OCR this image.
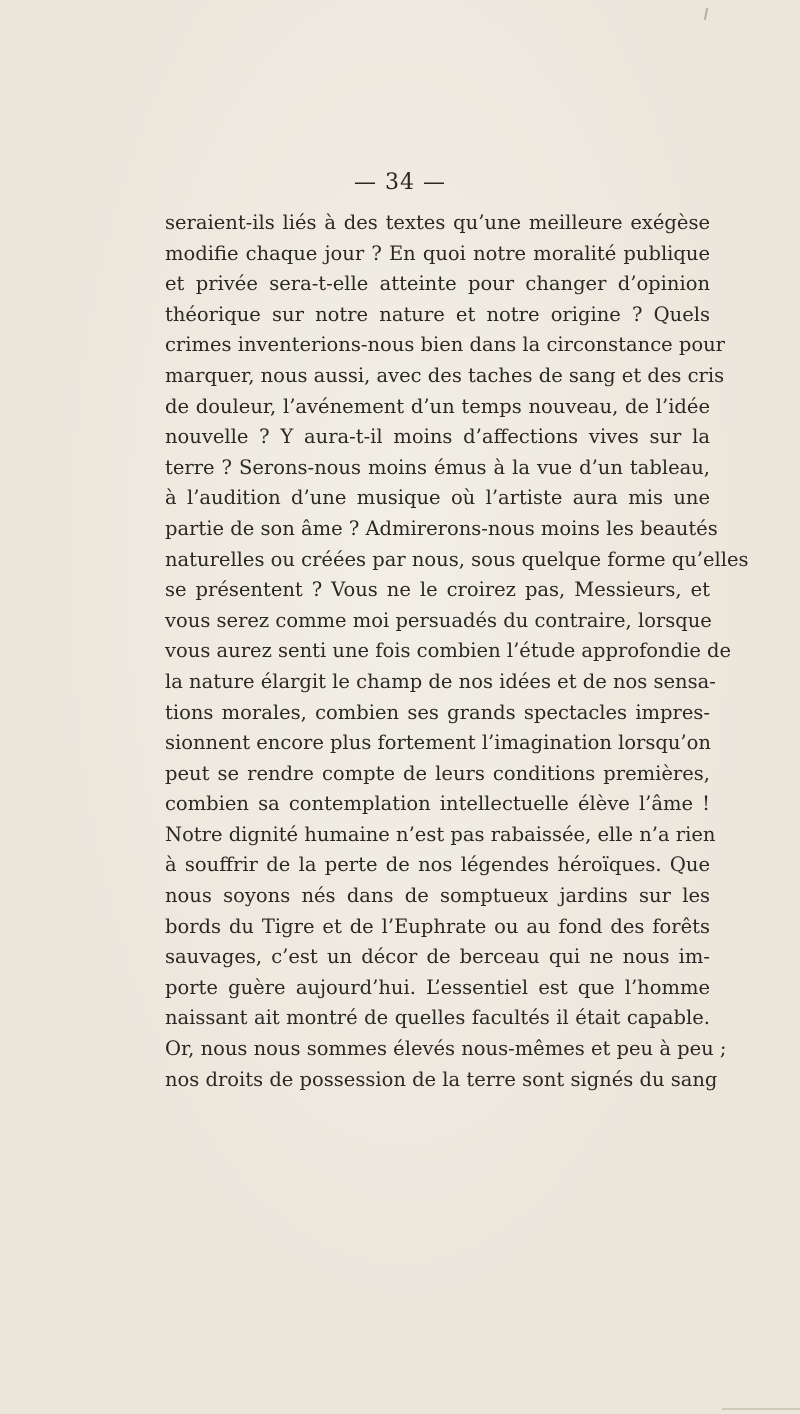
— 34 —
seraient-ils liés à des textes qu’une meilleure exégèse
modifie chaque jour ? En quoi notre moralité publique
et privée sera-t-elle atteinte pour changer d’opinion
théorique sur notre nature et notre origine ? Quels
crimes inventerions-nous bien dans la circonstance pour
marquer, nous aussi, avec des taches de sang et des cris
de douleur, l’avénement d’un temps nouveau, de l’idée
nouvelle ? Y aura-t-il moins d’affections vives sur la
terre ? Serons-nous moins émus à la vue d’un tableau,
à l’audition d’une musique où l’artiste aura mis une
partie de son âme ? Admirerons-nous moins les beautés
naturelles ou créées par nous, sous quelque forme qu’elles
se présentent ? Vous ne le croirez pas, Messieurs, et
vous serez comme moi persuadés du contraire, lorsque
vous aurez senti une fois combien l’étude approfondie de
la nature élargit le champ de nos idées et de nos sensa-
tions morales, combien ses grands spectacles impres-
sionnent encore plus fortement l’imagination lorsqu’on
peut se rendre compte de leurs conditions premières,
combien sa contemplation intellectuelle élève l’âme !
Notre dignité humaine n’est pas rabaissée, elle n’a rien
à souffrir de la perte de nos légendes héroïques. Que
nous soyons nés dans de somptueux jardins sur les
bords du Tigre et de l’Euphrate ou au fond des forêts
sauvages, c’est un décor de berceau qui ne nous im-
porte guère aujourd’hui. L’essentiel est que l’homme
naissant ait montré de quelles facultés il était capable.
Or, nous nous sommes élevés nous-mêmes et peu à peu ;
nos droits de possession de la terre sont signés du sang
